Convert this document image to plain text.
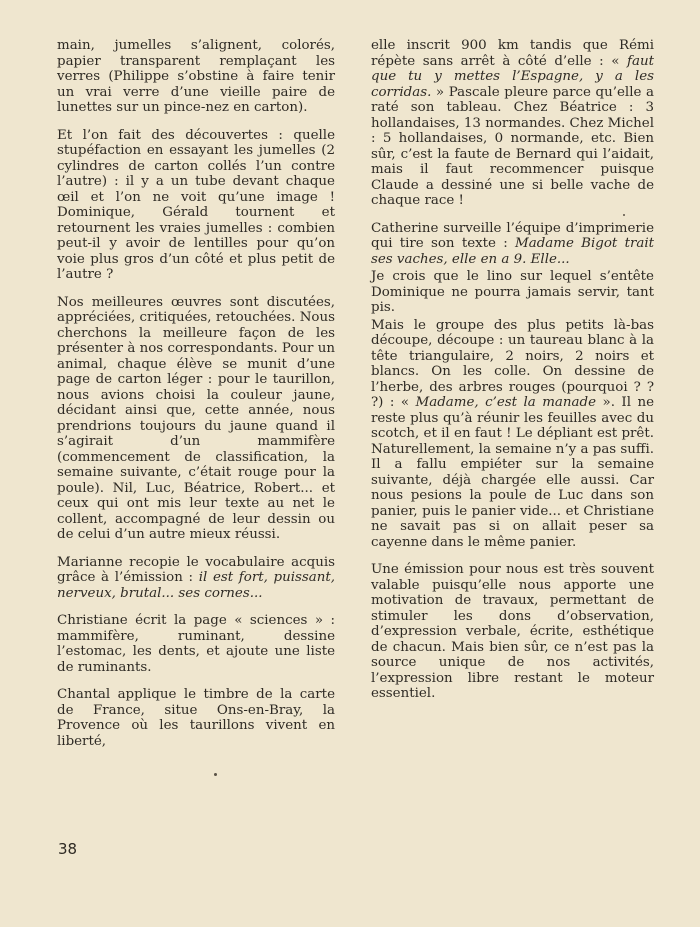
main, jumelles s’alignent, colorés, papier transparent remplaçant les verres (Philippe s’obstine à faire tenir un vrai verre d’une vieille paire de lunettes sur un pince-nez en carton).

Et l’on fait des découvertes : quelle stupéfaction en essayant les jumelles (2 cylindres de carton collés l’un contre l’autre) : il y a un tube devant chaque œil et l’on ne voit qu’une image ! Dominique, Gérald tournent et retournent les vraies jumelles : combien peut-il y avoir de lentilles pour qu’on voie plus gros d’un côté et plus petit de l’autre ?

Nos meilleures œuvres sont discutées, appréciées, critiquées, retouchées. Nous cherchons la meilleure façon de les présenter à nos correspondants. Pour un animal, chaque élève se munit d’une page de carton léger : pour le taurillon, nous avions choisi la couleur jaune, décidant ainsi que, cette année, nous prendrions toujours du jaune quand il s’agirait d’un mammifère (commencement de classification, la semaine suivante, c’était rouge pour la poule). Nil, Luc, Béatrice, Robert... et ceux qui ont mis leur texte au net le collent, accompagné de leur dessin ou de celui d’un autre mieux réussi.

Marianne recopie le vocabulaire acquis grâce à l’émission : il est fort, puissant, nerveux, brutal... ses cornes...

Christiane écrit la page « sciences » : mammifère, ruminant, dessine l’estomac, les dents, et ajoute une liste de ruminants.

Chantal applique le timbre de la carte de France, situe Ons-en-Bray, la Provence où les taurillons vivent en liberté,

elle inscrit 900 km tandis que Rémi répète sans arrêt à côté d’elle : « faut que tu y mettes l’Espagne, y a les corridas. » Pascale pleure parce qu’elle a raté son tableau. Chez Béatrice : 3 hollandaises, 13 normandes. Chez Michel : 5 hollandaises, 0 normande, etc. Bien sûr, c’est la faute de Bernard qui l’aidait, mais il faut recommencer puisque Claude a dessiné une si belle vache de chaque race !

Catherine surveille l’équipe d’imprimerie qui tire son texte : Madame Bigot trait ses vaches, elle en a 9. Elle...

Je crois que le lino sur lequel s’entête Dominique ne pourra jamais servir, tant pis.

Mais le groupe des plus petits là-bas découpe, découpe : un taureau blanc à la tête triangulaire, 2 noirs, 2 noirs et blancs. On les colle. On dessine de l’herbe, des arbres rouges (pourquoi ? ? ?) : « Madame, c’est la manade ». Il ne reste plus qu’à réunir les feuilles avec du scotch, et il en faut ! Le dépliant est prêt. Naturellement, la semaine n’y a pas suffi. Il a fallu empiéter sur la semaine suivante, déjà chargée elle aussi. Car nous pesions la poule de Luc dans son panier, puis le panier vide... et Christiane ne savait pas si on allait peser sa cayenne dans le même panier.

Une émission pour nous est très souvent valable puisqu’elle nous apporte une motivation de travaux, permettant de stimuler les dons d’observation, d’expression verbale, écrite, esthétique de chacun. Mais bien sûr, ce n’est pas la source unique de nos activités, l’expression libre restant le moteur essentiel.

38
